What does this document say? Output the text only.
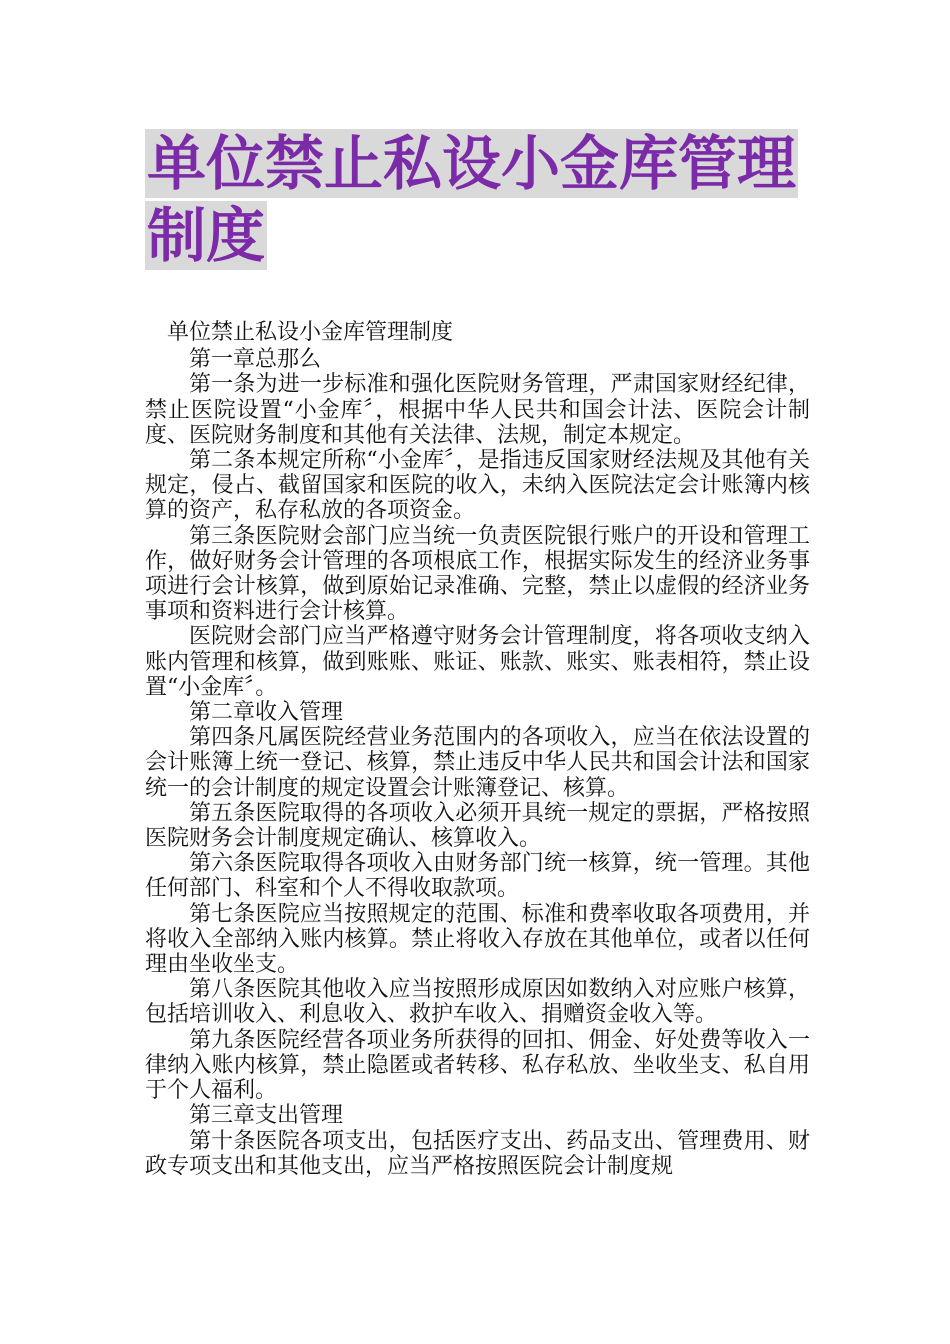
单位禁止私设小金库管理制度

单位禁止私设小金库管理制度

第一章总那么

第一条为进一步标准和强化医院财务管理，严肃国家财经纪律，禁止医院设置“小金库〞，根据中华人民共和国会计法、医院会计制度、医院财务制度和其他有关法律、法规，制定本规定。

第二条本规定所称“小金库〞，是指违反国家财经法规及其他有关规定，侵占、截留国家和医院的收入，未纳入医院法定会计账簿内核算的资产，私存私放的各项资金。

第三条医院财会部门应当统一负责医院银行账户的开设和管理工作，做好财务会计管理的各项根底工作，根据实际发生的经济业务事项进行会计核算，做到原始记录准确、完整，禁止以虚假的经济业务事项和资料进行会计核算。

医院财会部门应当严格遵守财务会计管理制度，将各项收支纳入账内管理和核算，做到账账、账证、账款、账实、账表相符，禁止设置“小金库〞。

第二章收入管理

第四条凡属医院经营业务范围内的各项收入，应当在依法设置的会计账簿上统一登记、核算，禁止违反中华人民共和国会计法和国家统一的会计制度的规定设置会计账簿登记、核算。

第五条医院取得的各项收入必须开具统一规定的票据，严格按照医院财务会计制度规定确认、核算收入。

第六条医院取得各项收入由财务部门统一核算，统一管理。其他任何部门、科室和个人不得收取款项。

第七条医院应当按照规定的范围、标准和费率收取各项费用，并将收入全部纳入账内核算。禁止将收入存放在其他单位，或者以任何理由坐收坐支。

第八条医院其他收入应当按照形成原因如数纳入对应账户核算，包括培训收入、利息收入、救护车收入、捐赠资金收入等。

第九条医院经营各项业务所获得的回扣、佣金、好处费等收入一律纳入账内核算，禁止隐匿或者转移、私存私放、坐收坐支、私自用于个人福利。

第三章支出管理

第十条医院各项支出，包括医疗支出、药品支出、管理费用、财政专项支出和其他支出，应当严格按照医院会计制度规
